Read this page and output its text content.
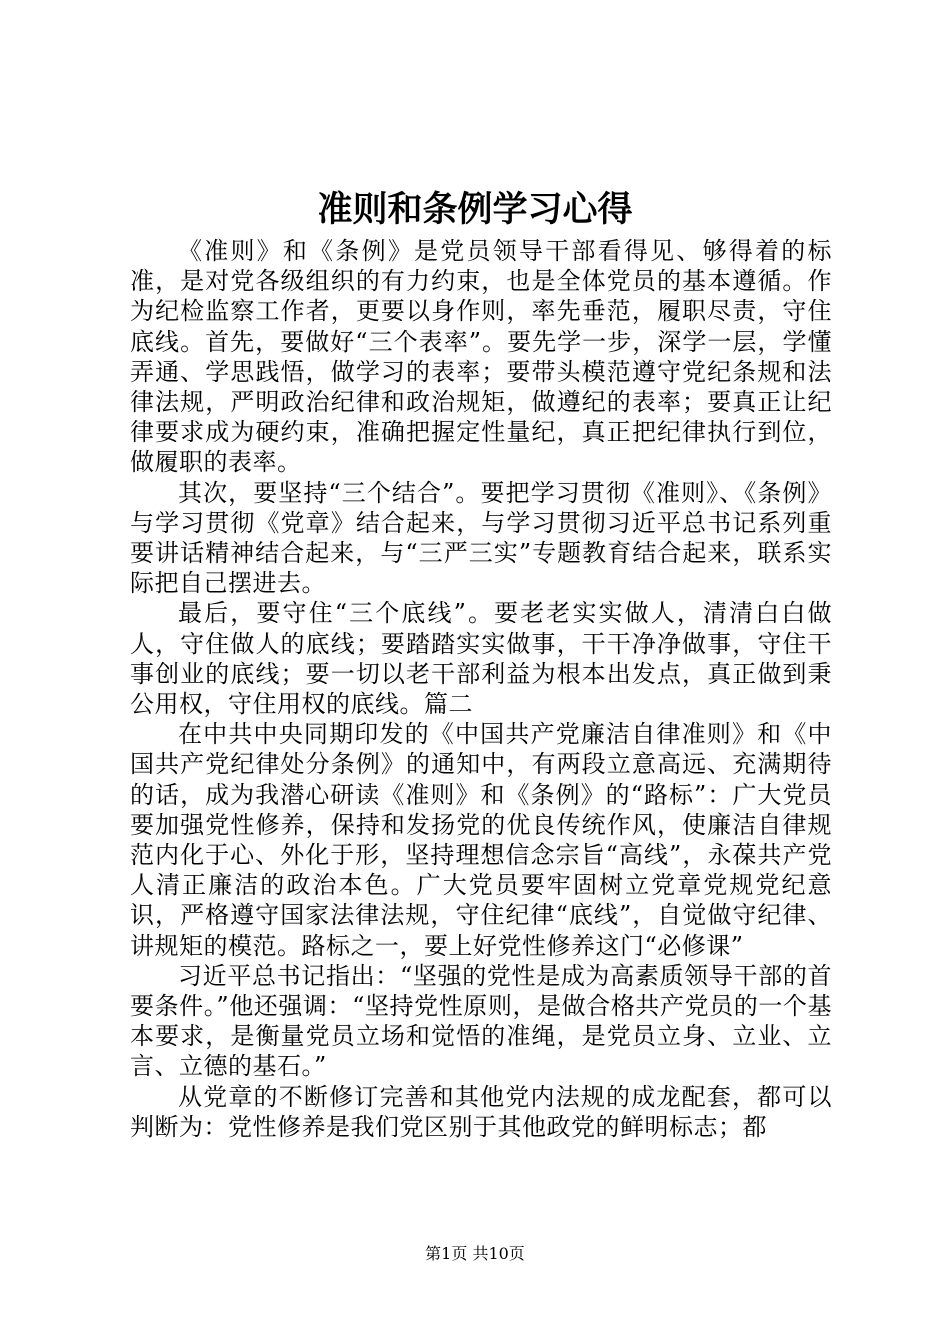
准则和条例学习心得

《准则》和《条例》是党员领导干部看得见、够得着的标准，是对党各级组织的有力约束，也是全体党员的基本遵循。作为纪检监察工作者，更要以身作则，率先垂范，履职尽责，守住底线。首先，要做好“三个表率”。要先学一步，深学一层，学懂弄通、学思践悟，做学习的表率；要带头模范遵守党纪条规和法律法规，严明政治纪律和政治规矩，做遵纪的表率；要真正让纪律要求成为硬约束，准确把握定性量纪，真正把纪律执行到位，做履职的表率。

其次，要坚持“三个结合”。要把学习贯彻《准则》、《条例》与学习贯彻《党章》结合起来，与学习贯彻习近平总书记系列重要讲话精神结合起来，与“三严三实”专题教育结合起来，联系实际把自己摆进去。

最后，要守住“三个底线”。要老老实实做人，清清白白做人，守住做人的底线；要踏踏实实做事，干干净净做事，守住干事创业的底线；要一切以老干部利益为根本出发点，真正做到秉公用权，守住用权的底线。篇二

在中共中央同期印发的《中国共产党廉洁自律准则》和《中国共产党纪律处分条例》的通知中，有两段立意高远、充满期待的话，成为我潜心研读《准则》和《条例》的“路标”：广大党员要加强党性修养，保持和发扬党的优良传统作风，使廉洁自律规范内化于心、外化于形，坚持理想信念宗旨“高线”，永葆共产党人清正廉洁的政治本色。广大党员要牢固树立党章党规党纪意识，严格遵守国家法律法规，守住纪律“底线”，自觉做守纪律、讲规矩的模范。路标之一，要上好党性修养这门“必修课”

习近平总书记指出：“坚强的党性是成为高素质领导干部的首要条件。”他还强调：“坚持党性原则，是做合格共产党员的一个基本要求，是衡量党员立场和觉悟的准绳，是党员立身、立业、立言、立德的基石。”

从党章的不断修订完善和其他党内法规的成龙配套，都可以判断为：党性修养是我们党区别于其他政党的鲜明标志；都

第1页 共10页
